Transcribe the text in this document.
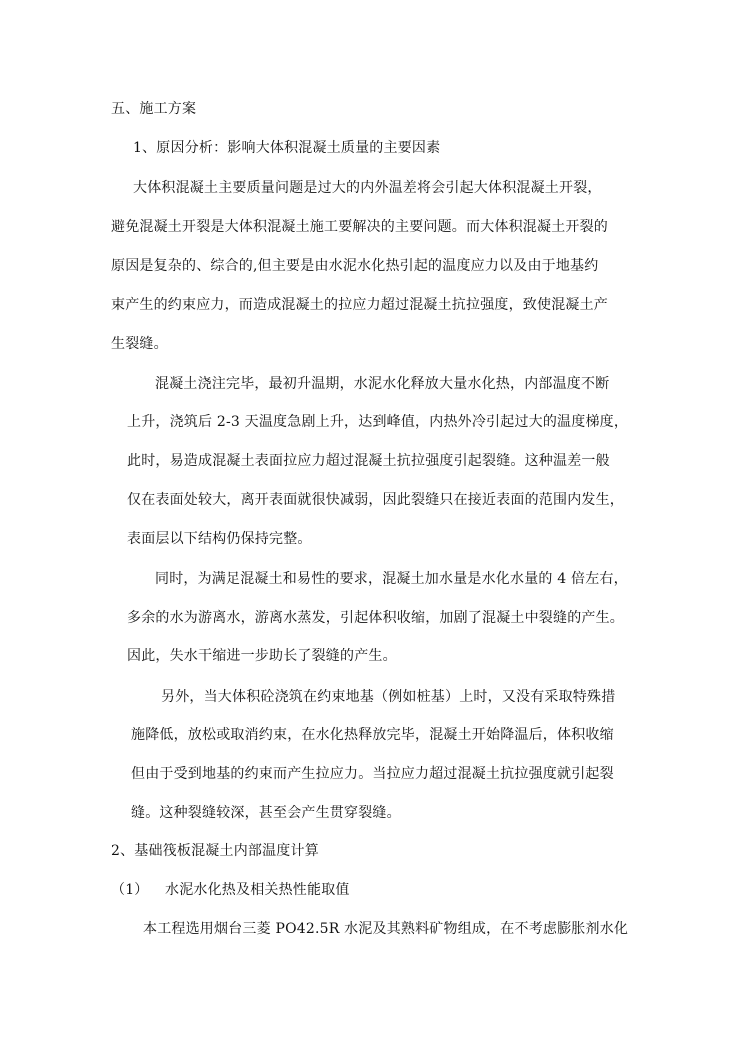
五、施工方案
1、原因分析：影响大体积混凝土质量的主要因素
大体积混凝土主要质量问题是过大的内外温差将会引起大体积混凝土开裂，
避免混凝土开裂是大体积混凝土施工要解决的主要问题。而大体积混凝土开裂的
原因是复杂的、综合的,但主要是由水泥水化热引起的温度应力以及由于地基约
束产生的约束应力，而造成混凝土的拉应力超过混凝土抗拉强度，致使混凝土产
生裂缝。
混凝土浇注完毕，最初升温期，水泥水化释放大量水化热，内部温度不断
上升，浇筑后 2-3 天温度急剧上升，达到峰值，内热外冷引起过大的温度梯度，
此时，易造成混凝土表面拉应力超过混凝土抗拉强度引起裂缝。这种温差一般
仅在表面处较大，离开表面就很快减弱，因此裂缝只在接近表面的范围内发生，
表面层以下结构仍保持完整。
同时，为满足混凝土和易性的要求，混凝土加水量是水化水量的 4 倍左右，
多余的水为游离水，游离水蒸发，引起体积收缩，加剧了混凝土中裂缝的产生。
因此，失水干缩进一步助长了裂缝的产生。
另外，当大体积砼浇筑在约束地基（例如桩基）上时，又没有采取特殊措
施降低，放松或取消约束，在水化热释放完毕，混凝土开始降温后，体积收缩
但由于受到地基的约束而产生拉应力。当拉应力超过混凝土抗拉强度就引起裂
缝。这种裂缝较深，甚至会产生贯穿裂缝。
2、基础筏板混凝土内部温度计算
（1） 水泥水化热及相关热性能取值
本工程选用烟台三菱 PO42.5R 水泥及其熟料矿物组成，在不考虑膨胀剂水化
